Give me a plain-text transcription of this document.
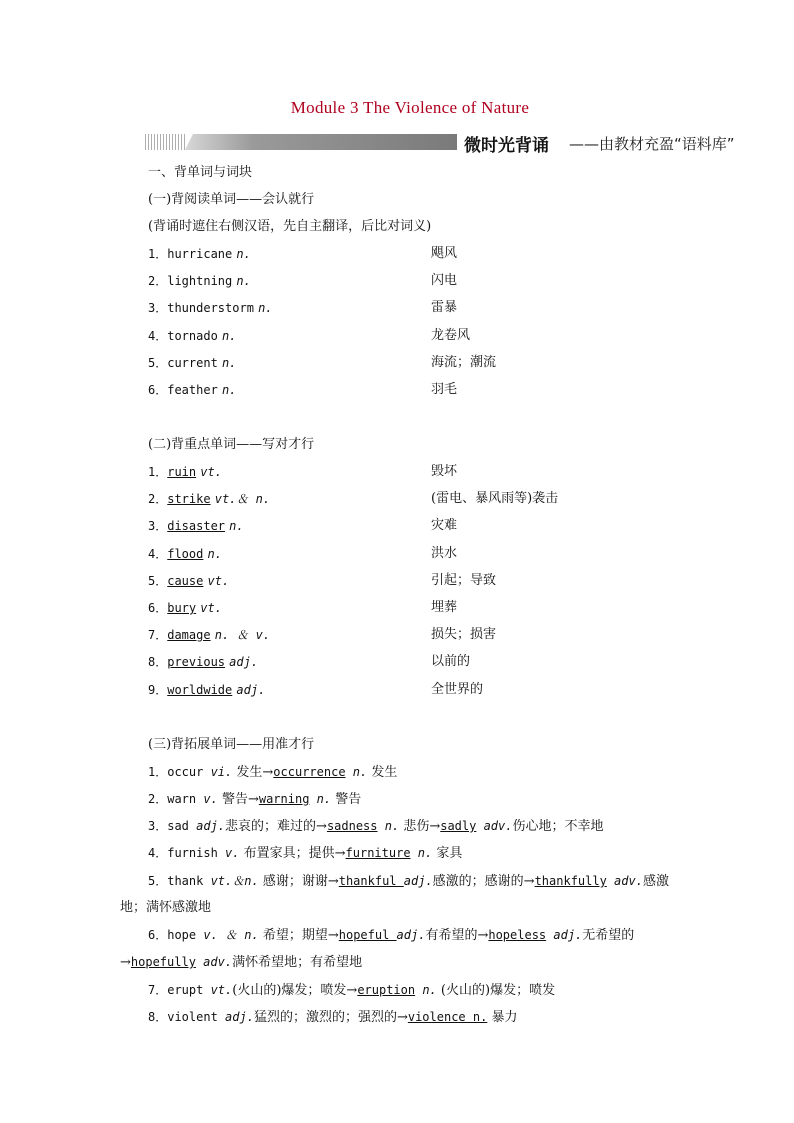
Module 3 The Violence of Nature
微时光背诵 ——由教材充盈“语料库”
一、背单词与词块
(一)背阅读单词——会认就行
(背诵时遮住右侧汉语，先自主翻译，后比对词义)
1．hurricane n.	飓风
2．lightning n.	闪电
3．thunderstorm n.	雷暴
4．tornado n.	龙卷风
5．current n.	海流；潮流
6．feather n.	羽毛
(二)背重点单词——写对才行
1．ruin vt.	毁坏
2．strike vt.＆ n.	(雷电、暴风雨等)袭击
3．disaster n.	灾难
4．flood n.	洪水
5．cause vt.	引起；导致
6．bury vt.	埋葬
7．damage n. ＆ v.	损失；损害
8．previous adj.	以前的
9．worldwide adj.	全世界的
(三)背拓展单词——用准才行
1．occur vi. 发生→occurrence n. 发生
2．warn v. 警告→warning n. 警告
3．sad adj.悲哀的；难过的→sadness n. 悲伤→sadly adv.伤心地；不幸地
4．furnish v. 布置家具；提供→furniture n. 家具
5．thank vt.＆n. 感谢；谢谢→thankful adj.感激的；感谢的→thankfully adv.感激
地；满怀感激地
6．hope v. ＆ n. 希望；期望→hopeful adj.有希望的→hopeless adj.无希望的
→hopefully adv.满怀希望地；有希望地
7．erupt vt.(火山的)爆发；喷发→eruption n. (火山的)爆发；喷发
8．violent adj.猛烈的；激烈的；强烈的→violence n. 暴力
